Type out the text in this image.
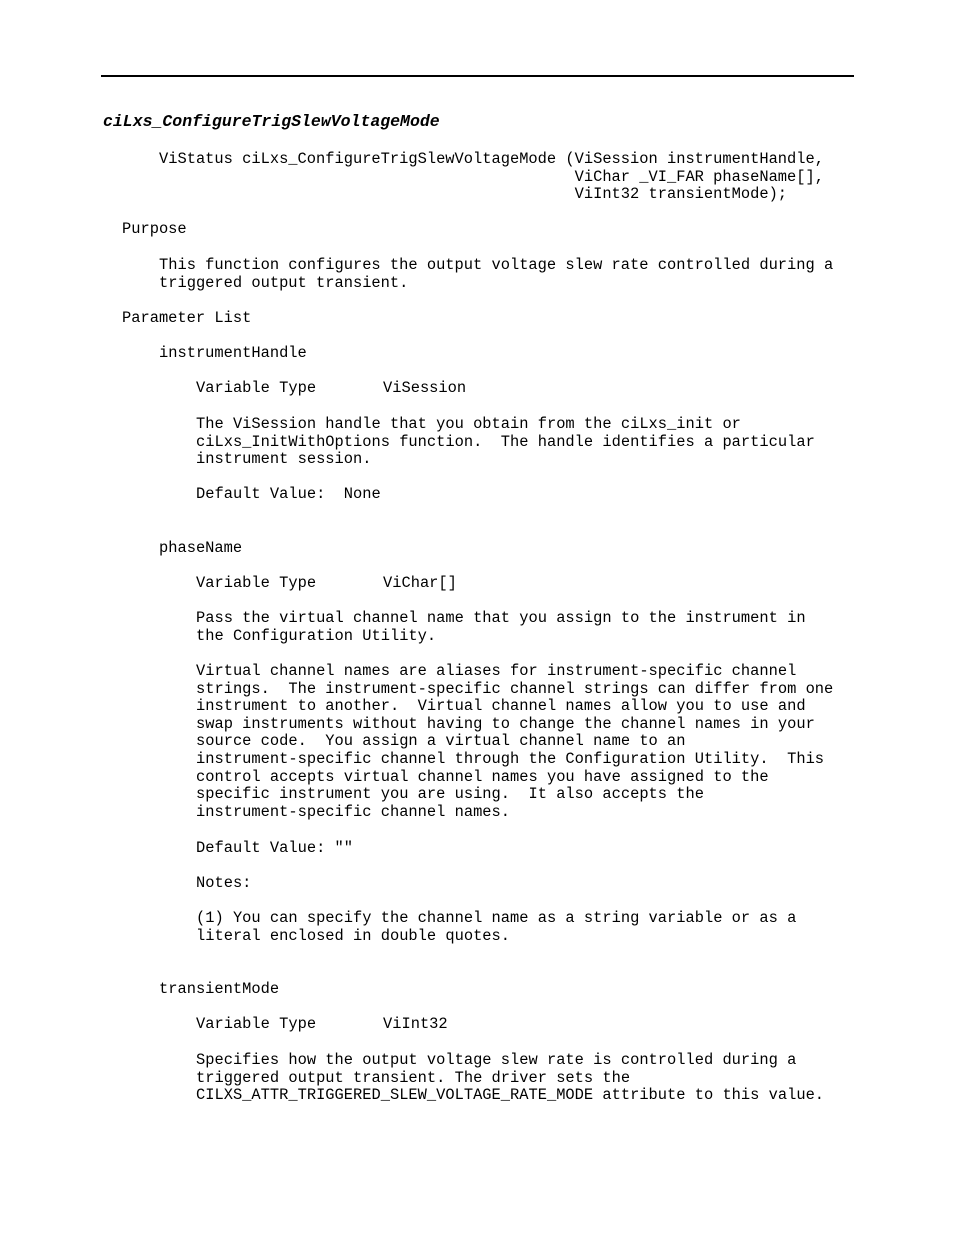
ciLxs_ConfigureTrigSlewVoltageMode
ViStatus ciLxs_ConfigureTrigSlewVoltageMode (ViSession instrumentHandle,
ViChar _VI_FAR phaseName[],
ViInt32 transientMode);
Purpose
This function configures the output voltage slew rate controlled during a
triggered output transient.
Parameter List
instrumentHandle
Variable Type	ViSession
The ViSession handle that you obtain from the ciLxs_init or
ciLxs_InitWithOptions function.  The handle identifies a particular
instrument session.
Default Value:  None
phaseName
Variable Type	ViChar[]
Pass the virtual channel name that you assign to the instrument in
the Configuration Utility.
Virtual channel names are aliases for instrument-specific channel
strings.  The instrument-specific channel strings can differ from one
instrument to another.  Virtual channel names allow you to use and
swap instruments without having to change the channel names in your
source code.  You assign a virtual channel name to an
instrument-specific channel through the Configuration Utility.  This
control accepts virtual channel names you have assigned to the
specific instrument you are using.  It also accepts the
instrument-specific channel names.
Default Value: ""
Notes:
(1) You can specify the channel name as a string variable or as a
literal enclosed in double quotes.
transientMode
Variable Type	ViInt32
Specifies how the output voltage slew rate is controlled during a
triggered output transient. The driver sets the
CILXS_ATTR_TRIGGERED_SLEW_VOLTAGE_RATE_MODE attribute to this value.
